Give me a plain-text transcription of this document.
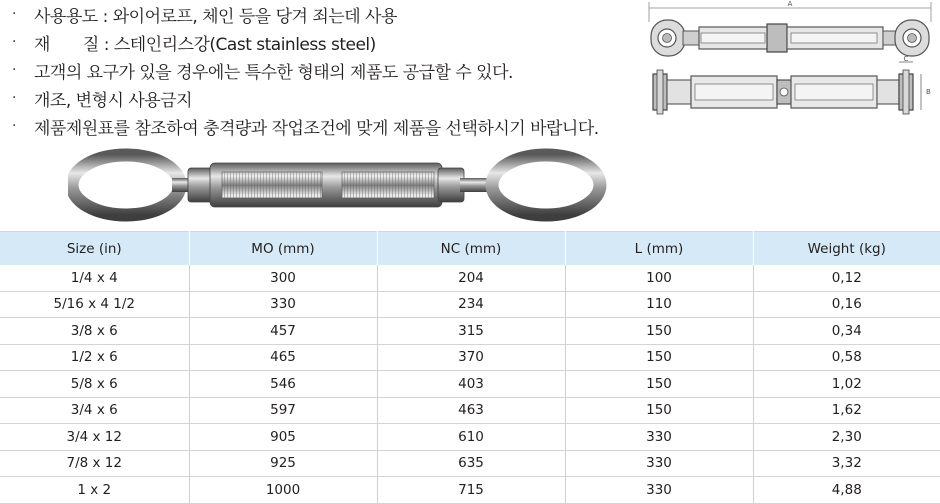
·	사용용도 : 와이어로프, 체인 등을 당겨 죄는데 사용
·	재　　질 : 스테인리스강(Cast stainless steel)
·	고객의 요구가 있을 경우에는 특수한 형태의 제품도 공급할 수 있다.
·	개조, 변형시 사용금지
·	제품제원표를 참조하여 충격량과 작업조건에 맞게 제품을 선택하시기 바랍니다.
A
C
B
Size (in)	MO (mm)	NC (mm)	L (mm)	Weight (kg)
1/4 x 4	300	204	100	0,12
5/16 x 4 1/2	330	234	110	0,16
3/8 x 6	457	315	150	0,34
1/2 x 6	465	370	150	0,58
5/8 x 6	546	403	150	1,02
3/4 x 6	597	463	150	1,62
3/4 x 12	905	610	330	2,30
7/8 x 12	925	635	330	3,32
1 x 2	1000	715	330	4,88
